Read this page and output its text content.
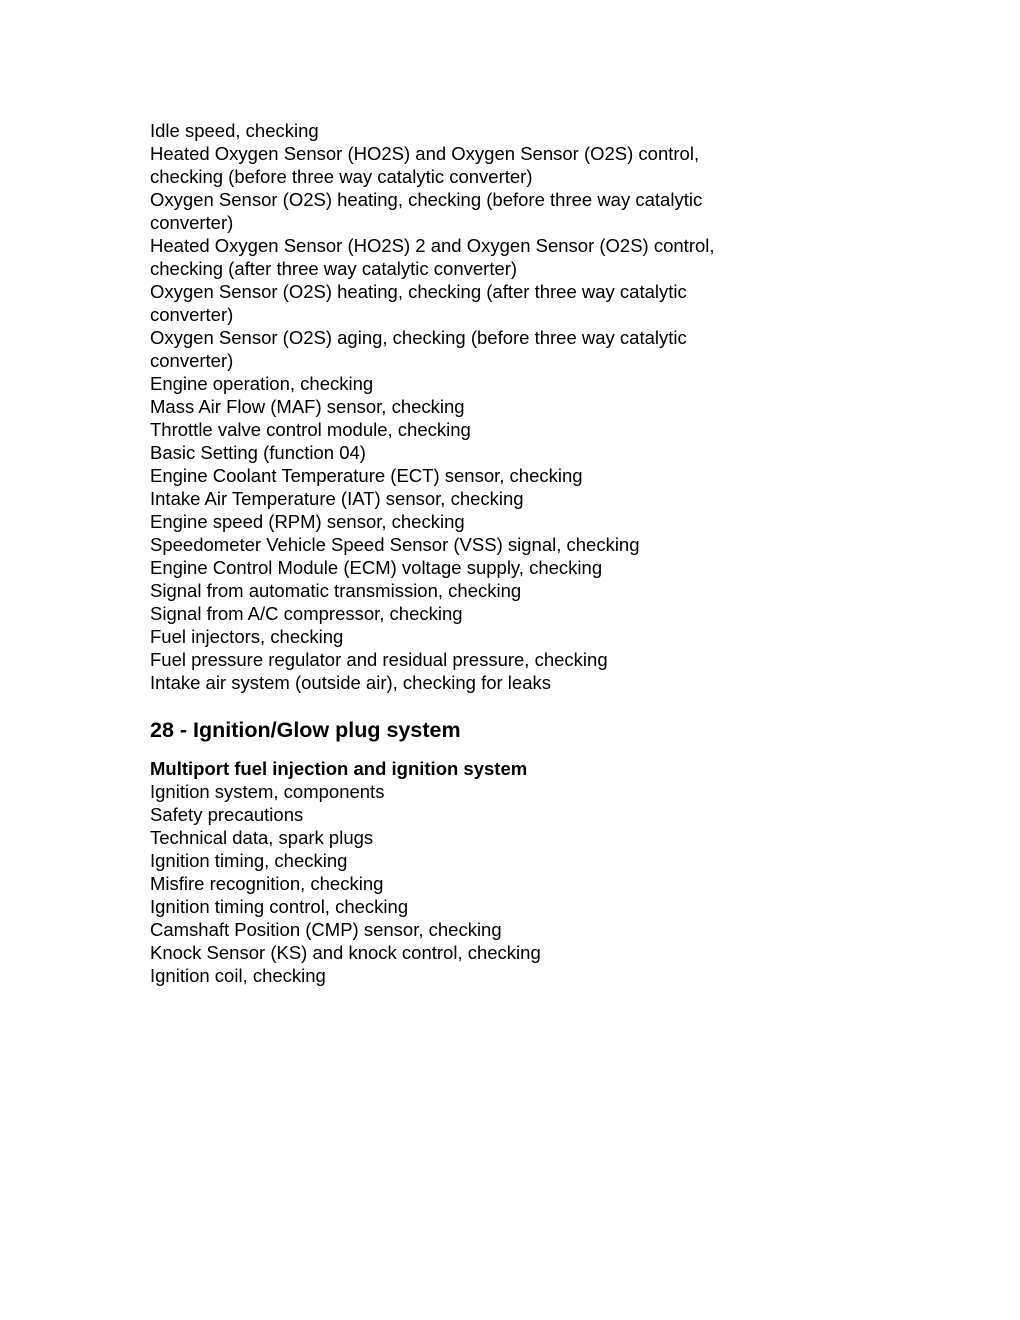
Idle speed, checking
Heated Oxygen Sensor (HO2S) and Oxygen Sensor (O2S) control, checking (before three way catalytic converter)
Oxygen Sensor (O2S) heating, checking (before three way catalytic converter)
Heated Oxygen Sensor (HO2S) 2 and Oxygen Sensor (O2S) control, checking (after three way catalytic converter)
Oxygen Sensor (O2S) heating, checking (after three way catalytic converter)
Oxygen Sensor (O2S) aging, checking (before three way catalytic converter)
Engine operation, checking
Mass Air Flow (MAF) sensor, checking
Throttle valve control module, checking
Basic Setting (function 04)
Engine Coolant Temperature (ECT) sensor, checking
Intake Air Temperature (IAT) sensor, checking
Engine speed (RPM) sensor, checking
Speedometer Vehicle Speed Sensor (VSS) signal, checking
Engine Control Module (ECM) voltage supply, checking
Signal from automatic transmission, checking
Signal from A/C compressor, checking
Fuel injectors, checking
Fuel pressure regulator and residual pressure, checking
Intake air system (outside air), checking for leaks
28 - Ignition/Glow plug system
Multiport fuel injection and ignition system
Ignition system, components
Safety precautions
Technical data, spark plugs
Ignition timing, checking
Misfire recognition, checking
Ignition timing control, checking
Camshaft Position (CMP) sensor, checking
Knock Sensor (KS) and knock control, checking
Ignition coil, checking
